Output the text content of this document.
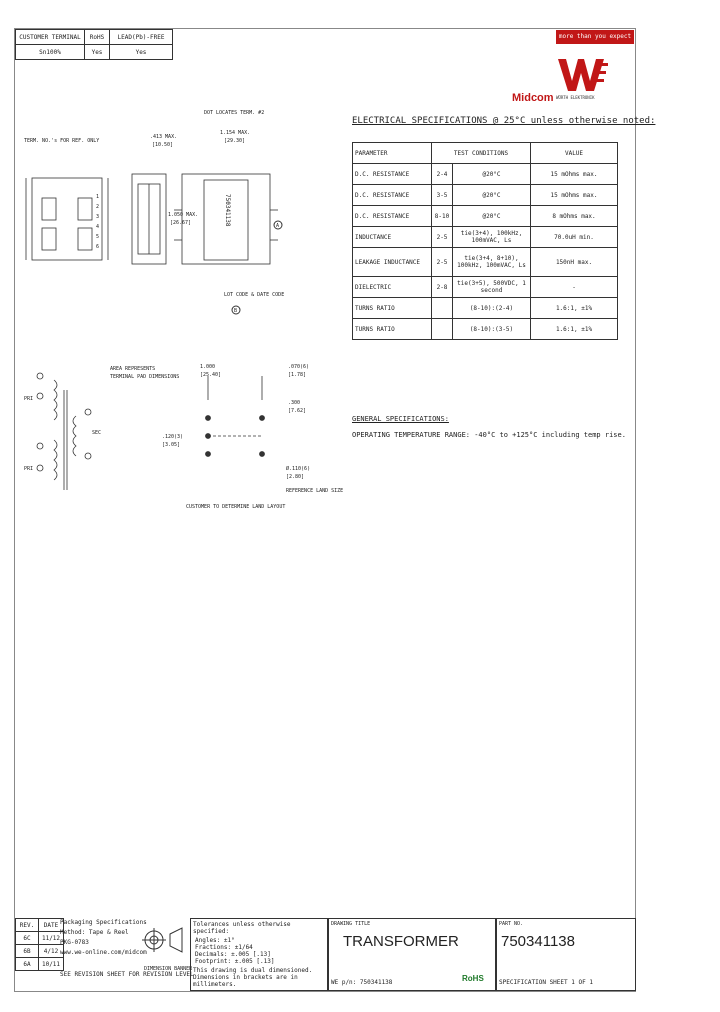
CUSTOMER TERMINAL	RoHS	LEAD(Pb)-FREE
Sn100%	Yes	Yes
more than you expect
Midcom WÜRTH ELEKTRONIK
750341138
TERM. NO.'s FOR REF. ONLY
DOT LOCATES TERM. #2
LOT CODE & DATE CODE
.413 MAX.
[10.50]
1.154 MAX.
[29.30]
1.050 MAX.
[26.67]
1
2
3
4
5
6
A
B
PRI
PRI
SEC
AREA REPRESENTS
TERMINAL PAD DIMENSIONS
1.000
[25.40]
.070(6)
[1.78]
.300
[7.62]
.120(3)
[3.05]
Ø.110(6)
[2.80]
REFERENCE LAND SIZE
CUSTOMER TO DETERMINE LAND LAYOUT
ELECTRICAL SPECIFICATIONS @ 25°C unless otherwise noted:
PARAMETER	TEST CONDITIONS		VALUE
D.C. RESISTANCE	2-4	@20°C	15 mOhms max.
D.C. RESISTANCE	3-5	@20°C	15 mOhms max.
D.C. RESISTANCE	8-10	@20°C	8 mOhms max.
INDUCTANCE	2-5	tie(3+4), 100kHz, 100mVAC, Ls	70.0uH min.
LEAKAGE INDUCTANCE	2-5	tie(3+4, 8+10), 100kHz, 100mVAC, Ls	150nH max.
DIELECTRIC	2-8	tie(3+5), 500VDC, 1 second	-
TURNS RATIO		(8-10):(2-4)	1.6:1, ±1%
TURNS RATIO		(8-10):(3-5)	1.6:1, ±1%
GENERAL SPECIFICATIONS:
OPERATING TEMPERATURE RANGE: -40°C to +125°C including temp rise.
REV.	DATE
6C	11/12
6B	4/12
6A	10/11
Packaging Specifications
Method: Tape & Reel
PKG-0783
www.we-online.com/midcom
SEE REVISION SHEET FOR REVISION LEVEL
DIMENSION BANNER
Tolerances unless otherwise specified:
Angles: ±1°
Fractions: ±1/64
Decimals: ±.005 [.13]
Footprint: ±.005 [.13]
This drawing is dual dimensioned. Dimensions in brackets are in millimeters.
DRAWING TITLE
TRANSFORMER
WE p/n: 750341138
PART NO.
750341138
SPECIFICATION SHEET 1 OF 1
RoHS
